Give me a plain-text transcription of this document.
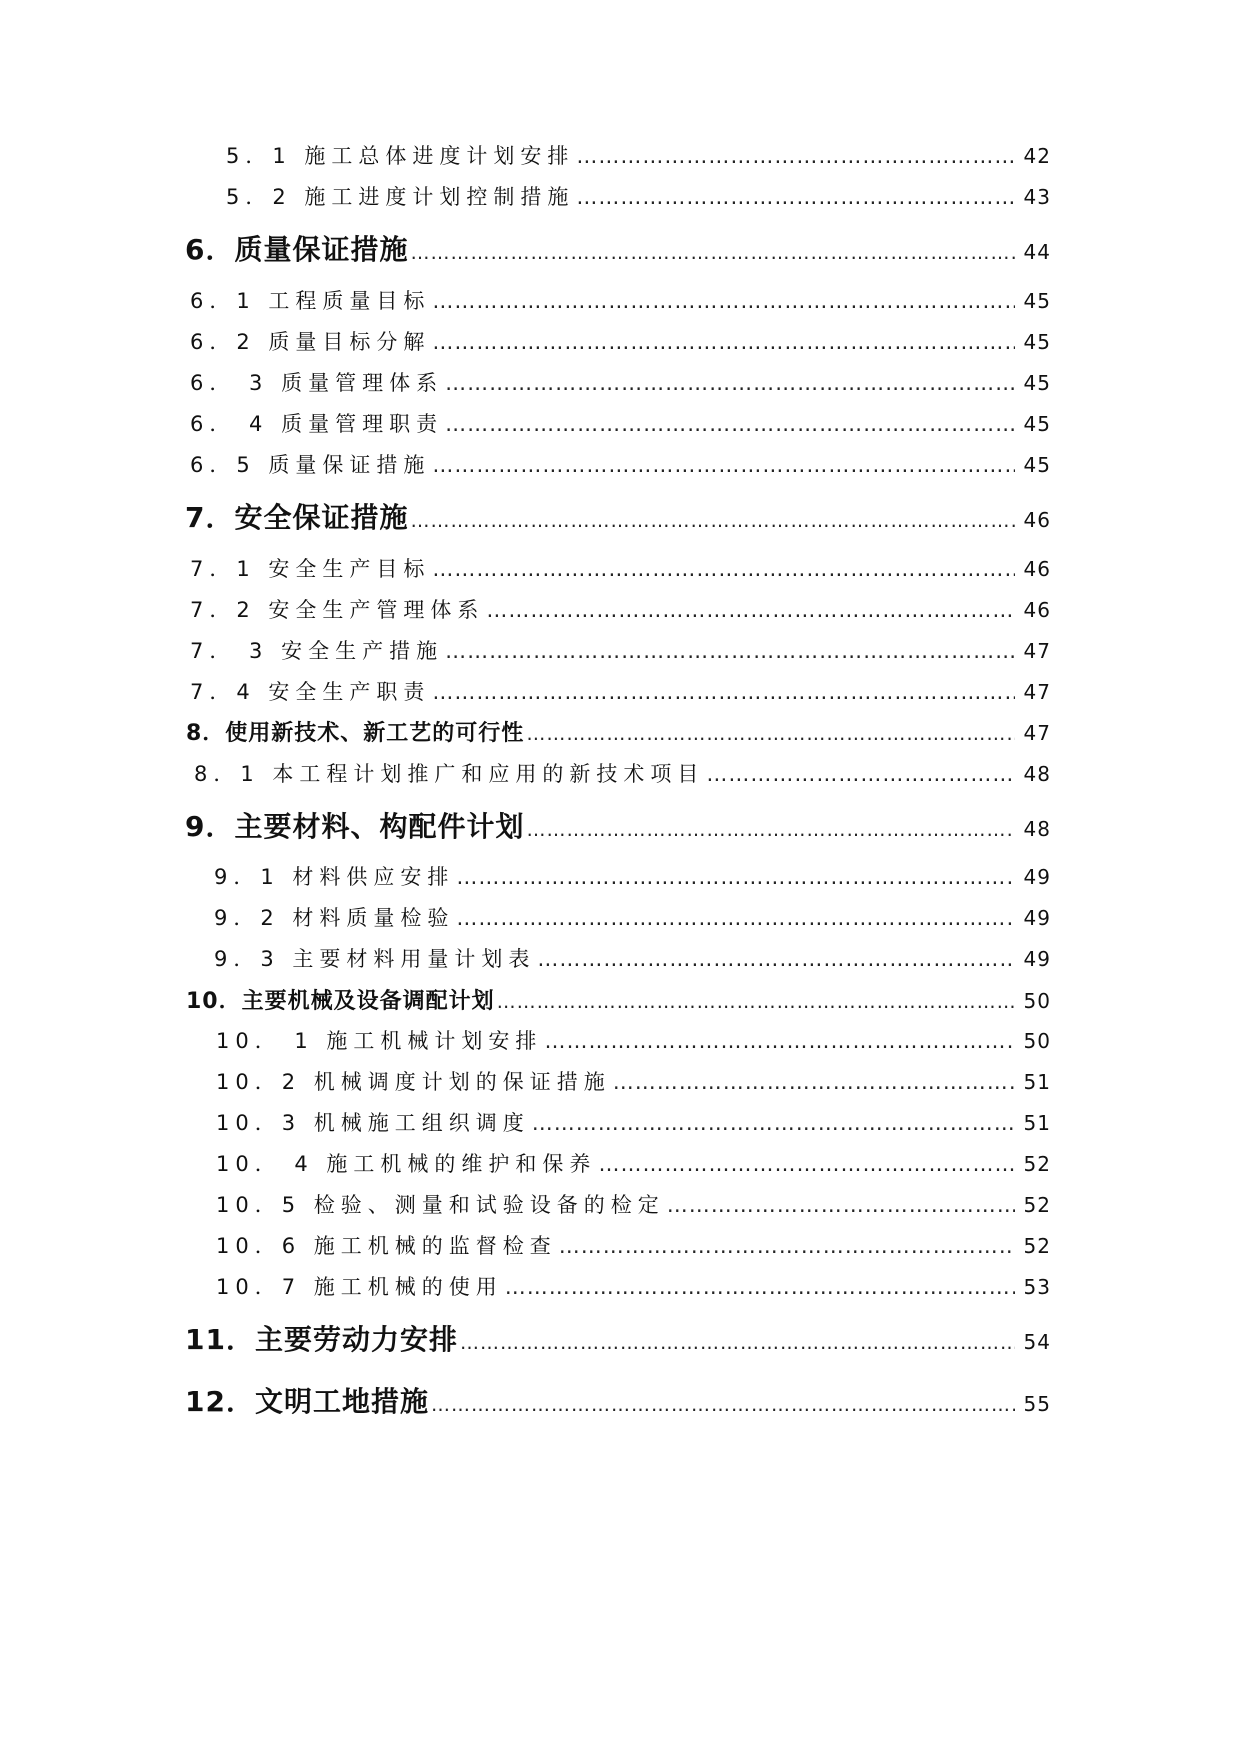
5．1 施工总体进度计划安排 …………………………………………………………………………………………………………………………………………………………………………………………………………………………………………………………	42
5．2 施工进度计划控制措施 …………………………………………………………………………………………………………………………………………………………………………………………………………………………………………………………	43
6．质量保证措施 …………………………………………………………………………………………………………………………………………………………………………………………………………………………………………………………	44
6．1 工程质量目标 …………………………………………………………………………………………………………………………………………………………………………………………………………………………………………………………	45
6．2 质量目标分解 …………………………………………………………………………………………………………………………………………………………………………………………………………………………………………………………	45
6． 3 质量管理体系 …………………………………………………………………………………………………………………………………………………………………………………………………………………………………………………………	45
6． 4 质量管理职责 …………………………………………………………………………………………………………………………………………………………………………………………………………………………………………………………	45
6．5 质量保证措施 …………………………………………………………………………………………………………………………………………………………………………………………………………………………………………………………	45
7．安全保证措施 …………………………………………………………………………………………………………………………………………………………………………………………………………………………………………………………	46
7．1 安全生产目标 …………………………………………………………………………………………………………………………………………………………………………………………………………………………………………………………	46
7．2 安全生产管理体系 …………………………………………………………………………………………………………………………………………………………………………………………………………………………………………………………	46
7． 3 安全生产措施 …………………………………………………………………………………………………………………………………………………………………………………………………………………………………………………………	47
7．4 安全生产职责 …………………………………………………………………………………………………………………………………………………………………………………………………………………………………………………………	47
8．使用新技术、新工艺的可行性 …………………………………………………………………………………………………………………………………………………………………………………………………………………………………………………………	47
8．1 本工程计划推广和应用的新技术项目 …………………………………………………………………………………………………………………………………………………………………………………………………………………………………………………………	48
9．主要材料、构配件计划 …………………………………………………………………………………………………………………………………………………………………………………………………………………………………………………………	48
9．1 材料供应安排 …………………………………………………………………………………………………………………………………………………………………………………………………………………………………………………………	49
9．2 材料质量检验 …………………………………………………………………………………………………………………………………………………………………………………………………………………………………………………………	49
9．3 主要材料用量计划表 …………………………………………………………………………………………………………………………………………………………………………………………………………………………………………………………	49
10．主要机械及设备调配计划 …………………………………………………………………………………………………………………………………………………………………………………………………………………………………………………………	50
10． 1 施工机械计划安排 …………………………………………………………………………………………………………………………………………………………………………………………………………………………………………………………	50
10．2 机械调度计划的保证措施 …………………………………………………………………………………………………………………………………………………………………………………………………………………………………………………………	51
10．3 机械施工组织调度 …………………………………………………………………………………………………………………………………………………………………………………………………………………………………………………………	51
10． 4 施工机械的维护和保养 …………………………………………………………………………………………………………………………………………………………………………………………………………………………………………………………	52
10．5 检验、测量和试验设备的检定 …………………………………………………………………………………………………………………………………………………………………………………………………………………………………………………………	52
10．6 施工机械的监督检查 …………………………………………………………………………………………………………………………………………………………………………………………………………………………………………………………	52
10．7 施工机械的使用 …………………………………………………………………………………………………………………………………………………………………………………………………………………………………………………………	53
11．主要劳动力安排 …………………………………………………………………………………………………………………………………………………………………………………………………………………………………………………………	54
12．文明工地措施 …………………………………………………………………………………………………………………………………………………………………………………………………………………………………………………………	55
